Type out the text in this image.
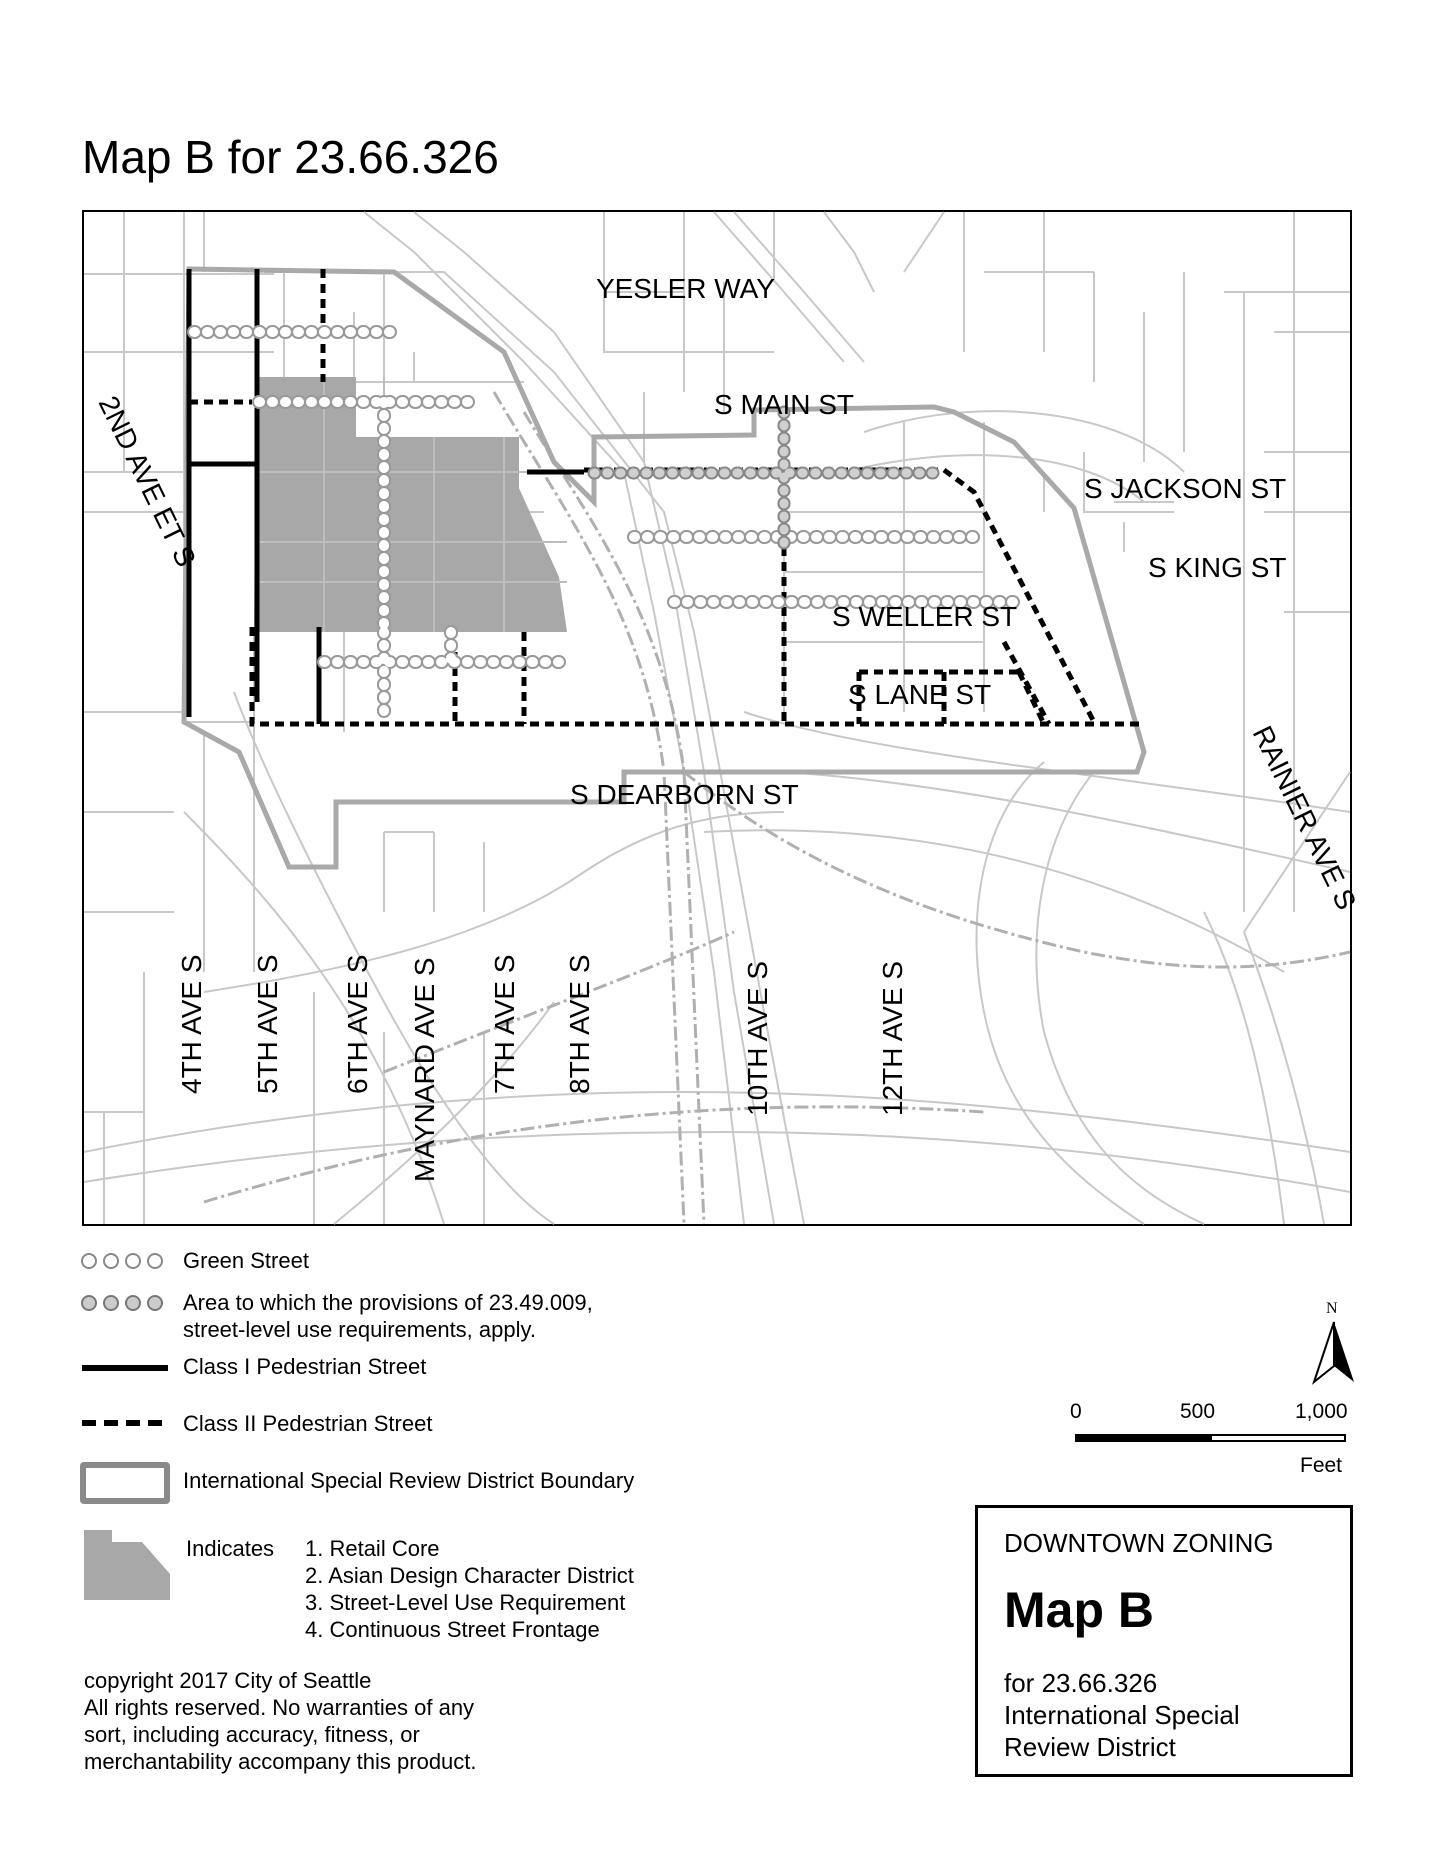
Map B for 23.66.326
YESLER WAY
S MAIN ST
S JACKSON ST
S KING ST
S WELLER ST
S LANE ST
S DEARBORN ST	RAINIER AVE S
2ND AVE ET S
4TH AVE S 5TH AVE S 6TH AVE S MAYNARD AVE S 7TH AVE S 8TH AVE S	10TH AVE S	12TH AVE S
Green Street
Area to which the provisions of 23.49.009,
street-level use requirements, apply.
Class I Pedestrian Street
Class II Pedestrian Street
International Special Review District Boundary
Indicates 1. Retail Core
2. Asian Design Character District
3. Street-Level Use Requirement
4. Continuous Street Frontage
copyright 2017 City of Seattle
All rights reserved. No warranties of any
sort, including accuracy, fitness, or
merchantability accompany this product.
N
0	500	1,000
Feet
DOWNTOWN ZONING
Map B
for 23.66.326
International Special
Review District
